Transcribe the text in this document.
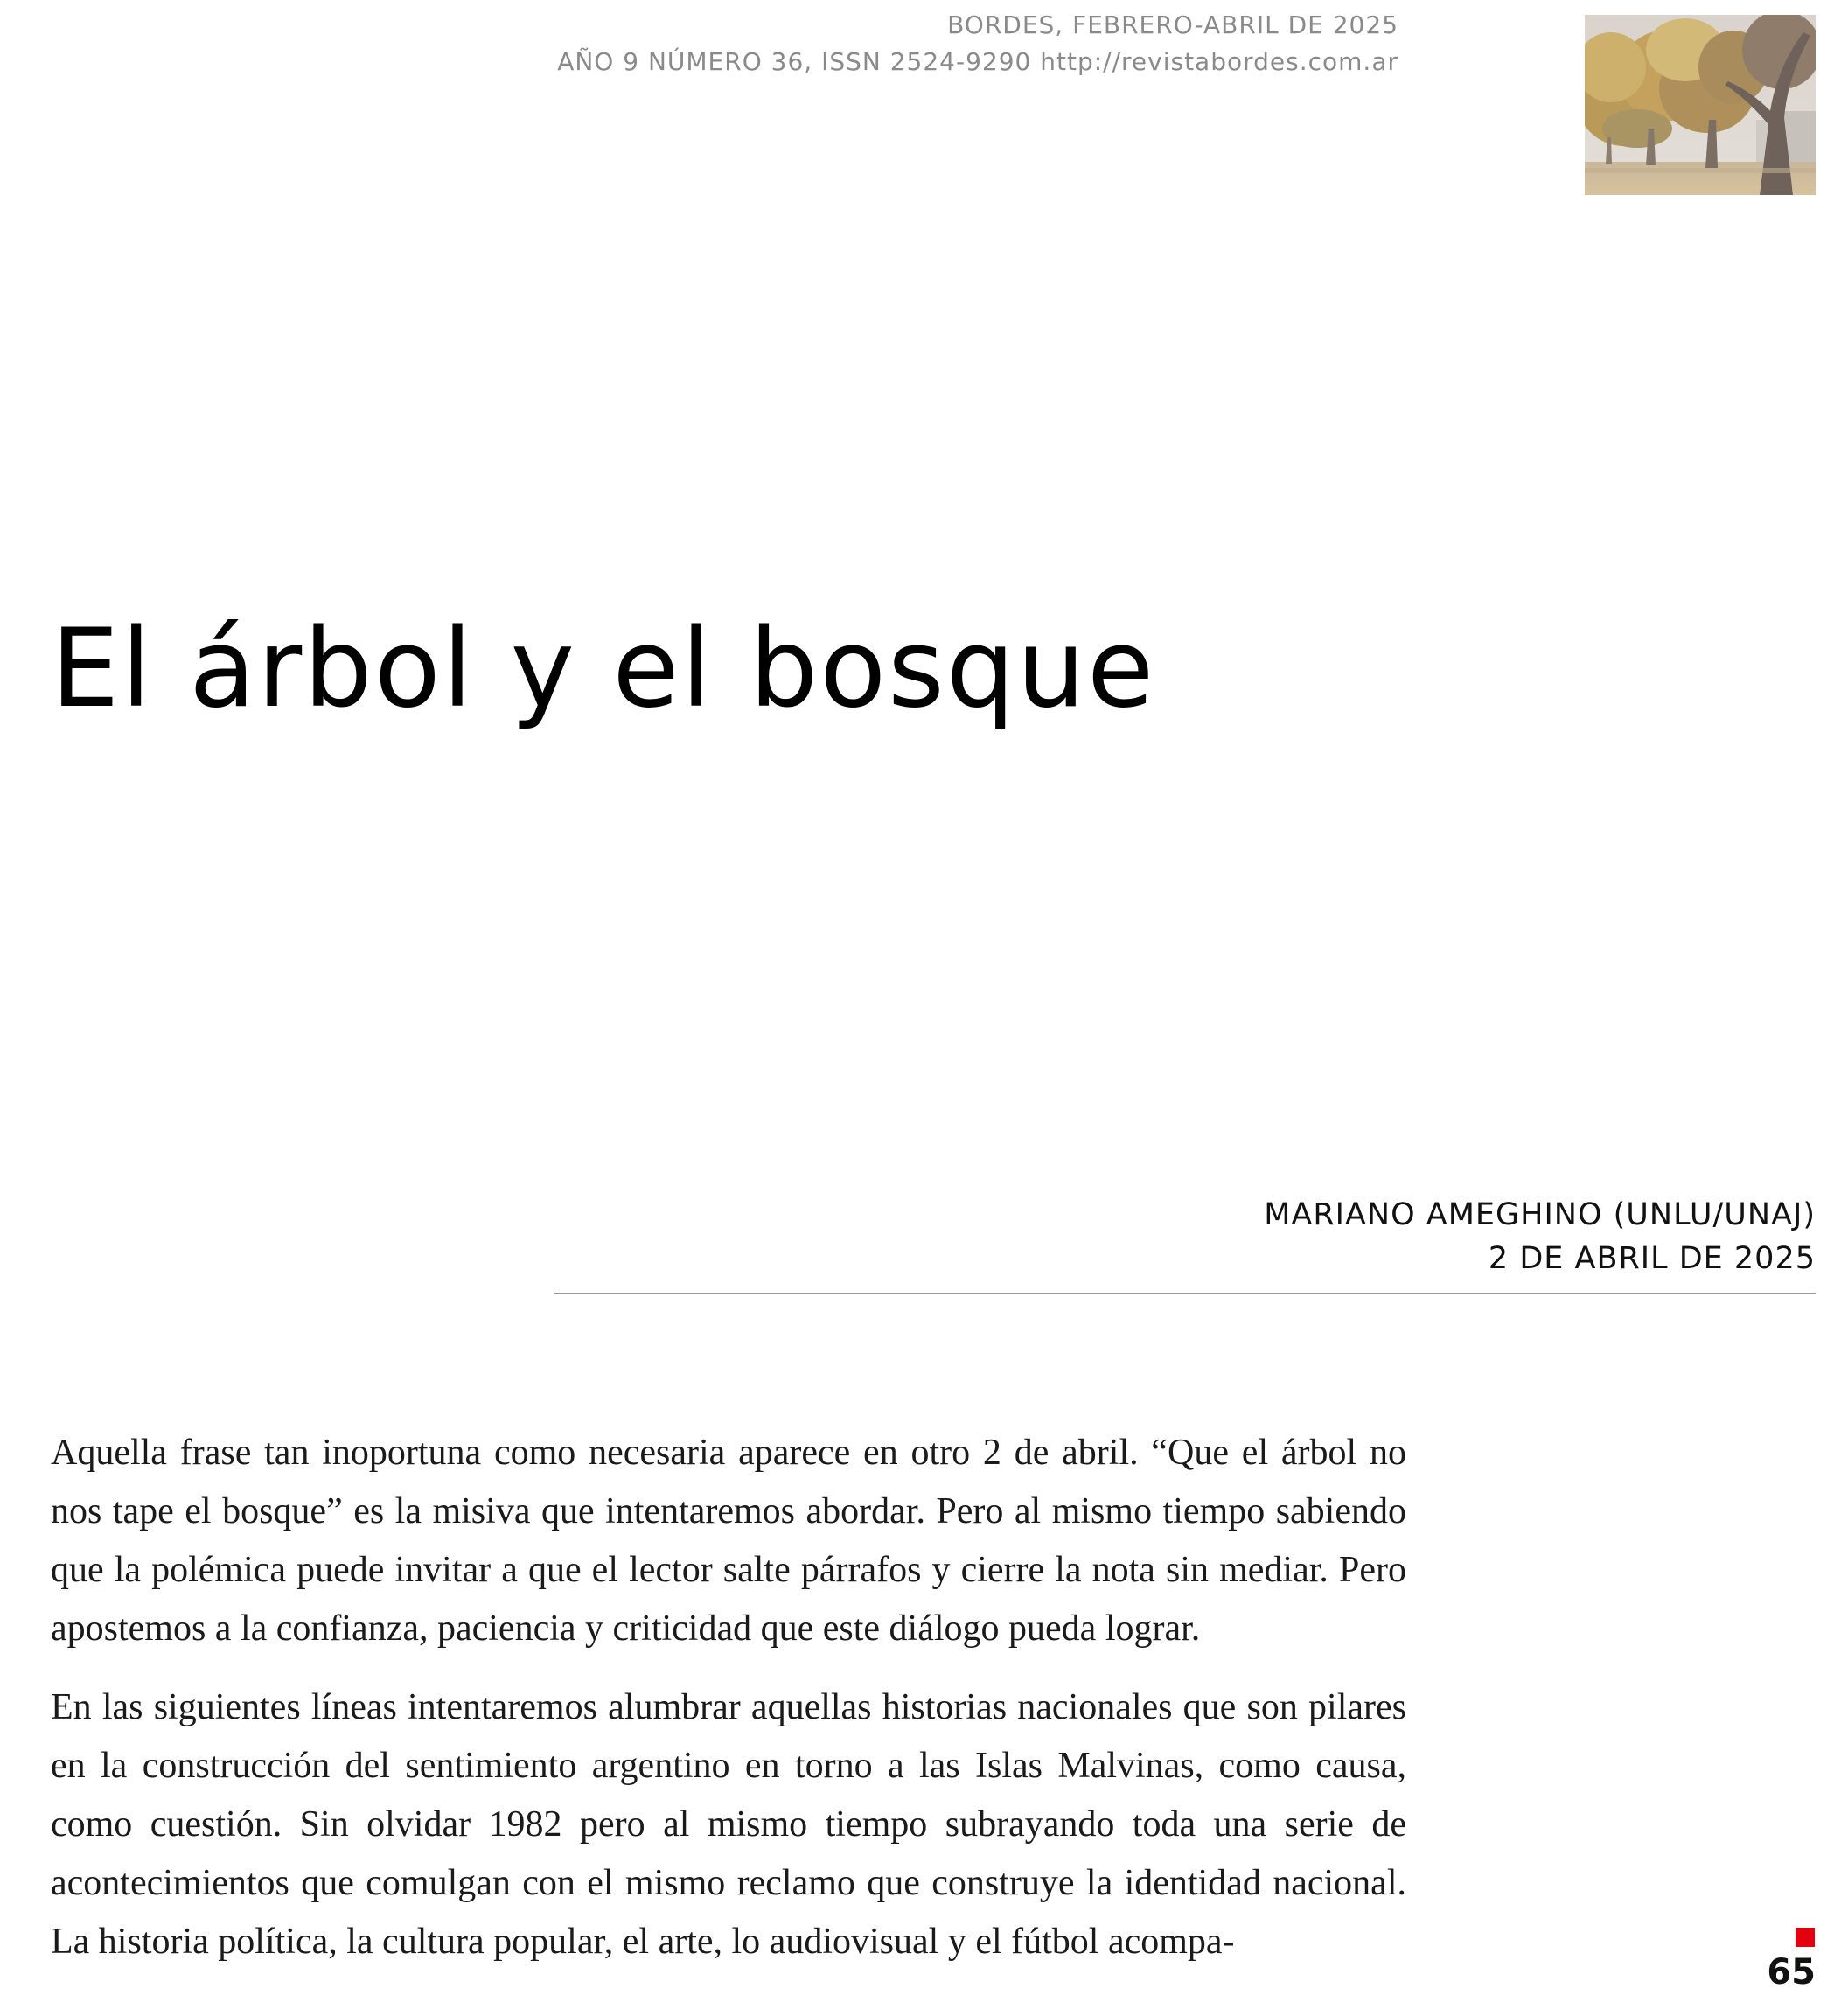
BORDES, FEBRERO-ABRIL DE 2025
AÑO 9 NÚMERO 36, ISSN 2524-9290 http://revistabordes.com.ar
El árbol y el bosque
MARIANO AMEGHINO (UNLU/UNAJ)
2 DE ABRIL DE 2025

Aquella frase tan inoportuna como necesaria aparece en otro 2 de abril. “Que el árbol no nos tape el bosque” es la misiva que intentaremos abordar. Pero al mismo tiempo sabiendo que la polémica puede invitar a que el lector salte párrafos y cierre la nota sin mediar. Pero apostemos a la confianza, paciencia y criticidad que este diálogo pueda lograr.

En las siguientes líneas intentaremos alumbrar aquellas historias nacionales que son pilares en la construcción del sentimiento argentino en torno a las Islas Malvinas, como causa, como cuestión. Sin olvidar 1982 pero al mismo tiempo subrayando toda una serie de acontecimientos que comulgan con el mismo reclamo que construye la identidad nacional. La historia política, la cultura popular, el arte, lo audiovisual y el fútbol acompa-

65
